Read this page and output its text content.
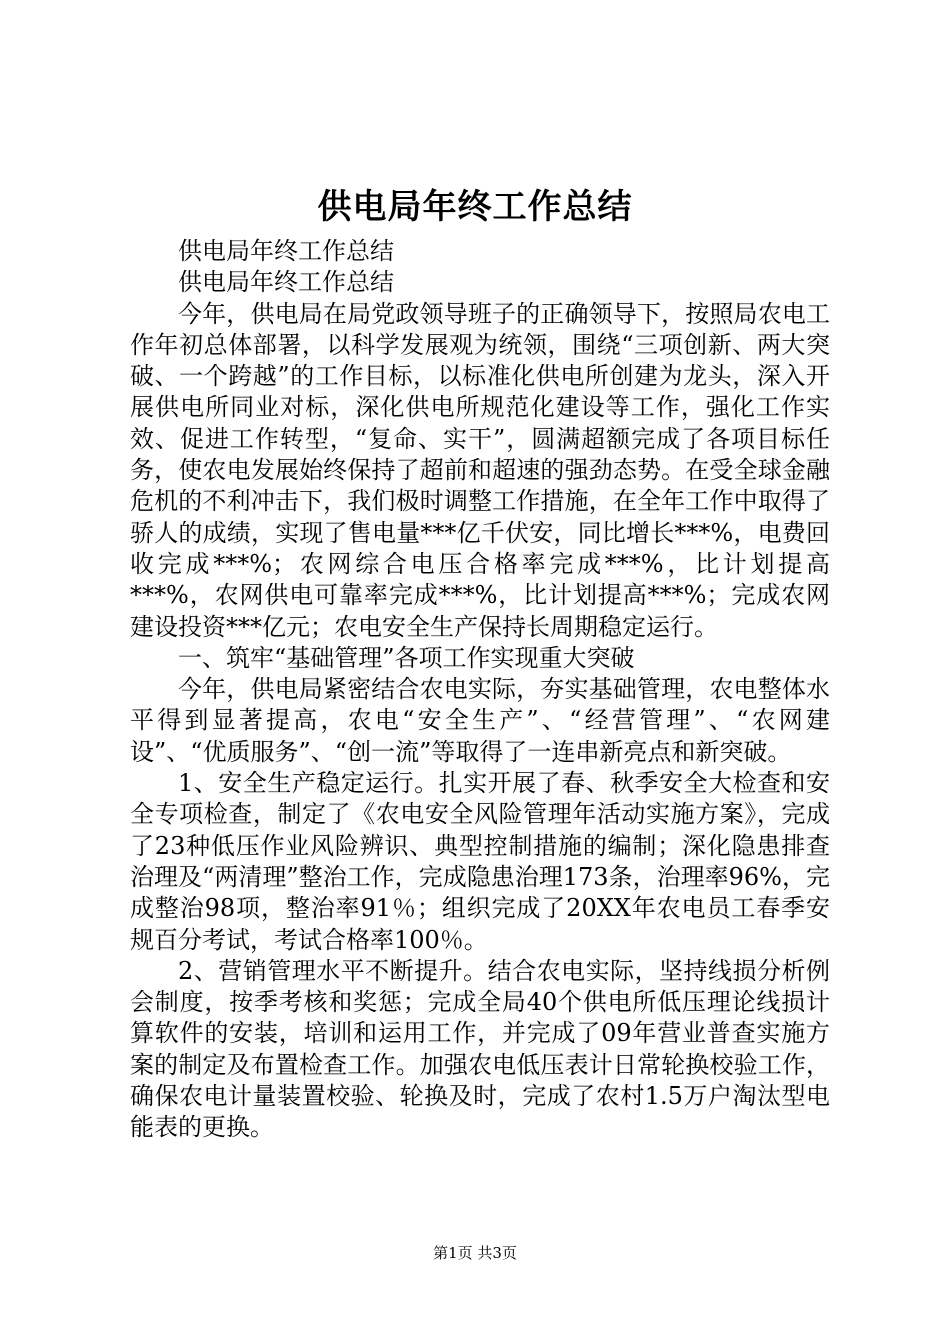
供电局年终工作总结

供电局年终工作总结

供电局年终工作总结

今年，供电局在局党政领导班子的正确领导下，按照局农电工作年初总体部署，以科学发展观为统领，围绕“三项创新、两大突破、一个跨越”的工作目标，以标准化供电所创建为龙头，深入开展供电所同业对标，深化供电所规范化建设等工作，强化工作实效、促进工作转型，“复命、实干”，圆满超额完成了各项目标任务，使农电发展始终保持了超前和超速的强劲态势。在受全球金融危机的不利冲击下，我们极时调整工作措施，在全年工作中取得了骄人的成绩，实现了售电量***亿千伏安，同比增长***%，电费回收完成***%；农网综合电压合格率完成***%，比计划提高***%，农网供电可靠率完成***%，比计划提高***%；完成农网建设投资***亿元；农电安全生产保持长周期稳定运行。

一、筑牢“基础管理”各项工作实现重大突破

今年，供电局紧密结合农电实际，夯实基础管理，农电整体水平得到显著提高，农电“安全生产”、“经营管理”、“农网建设”、“优质服务”、“创一流”等取得了一连串新亮点和新突破。

1、安全生产稳定运行。扎实开展了春、秋季安全大检查和安全专项检查，制定了《农电安全风险管理年活动实施方案》，完成了23种低压作业风险辨识、典型控制措施的编制；深化隐患排查治理及“两清理”整治工作，完成隐患治理173条，治理率96%，完成整治98项，整治率91％；组织完成了20XX年农电员工春季安规百分考试，考试合格率100％。

2、营销管理水平不断提升。结合农电实际，坚持线损分析例会制度，按季考核和奖惩；完成全局40个供电所低压理论线损计算软件的安装，培训和运用工作，并完成了09年营业普查实施方案的制定及布置检查工作。加强农电低压表计日常轮换校验工作，确保农电计量装置校验、轮换及时，完成了农村1.5万户淘汰型电能表的更换。

第1页 共3页
